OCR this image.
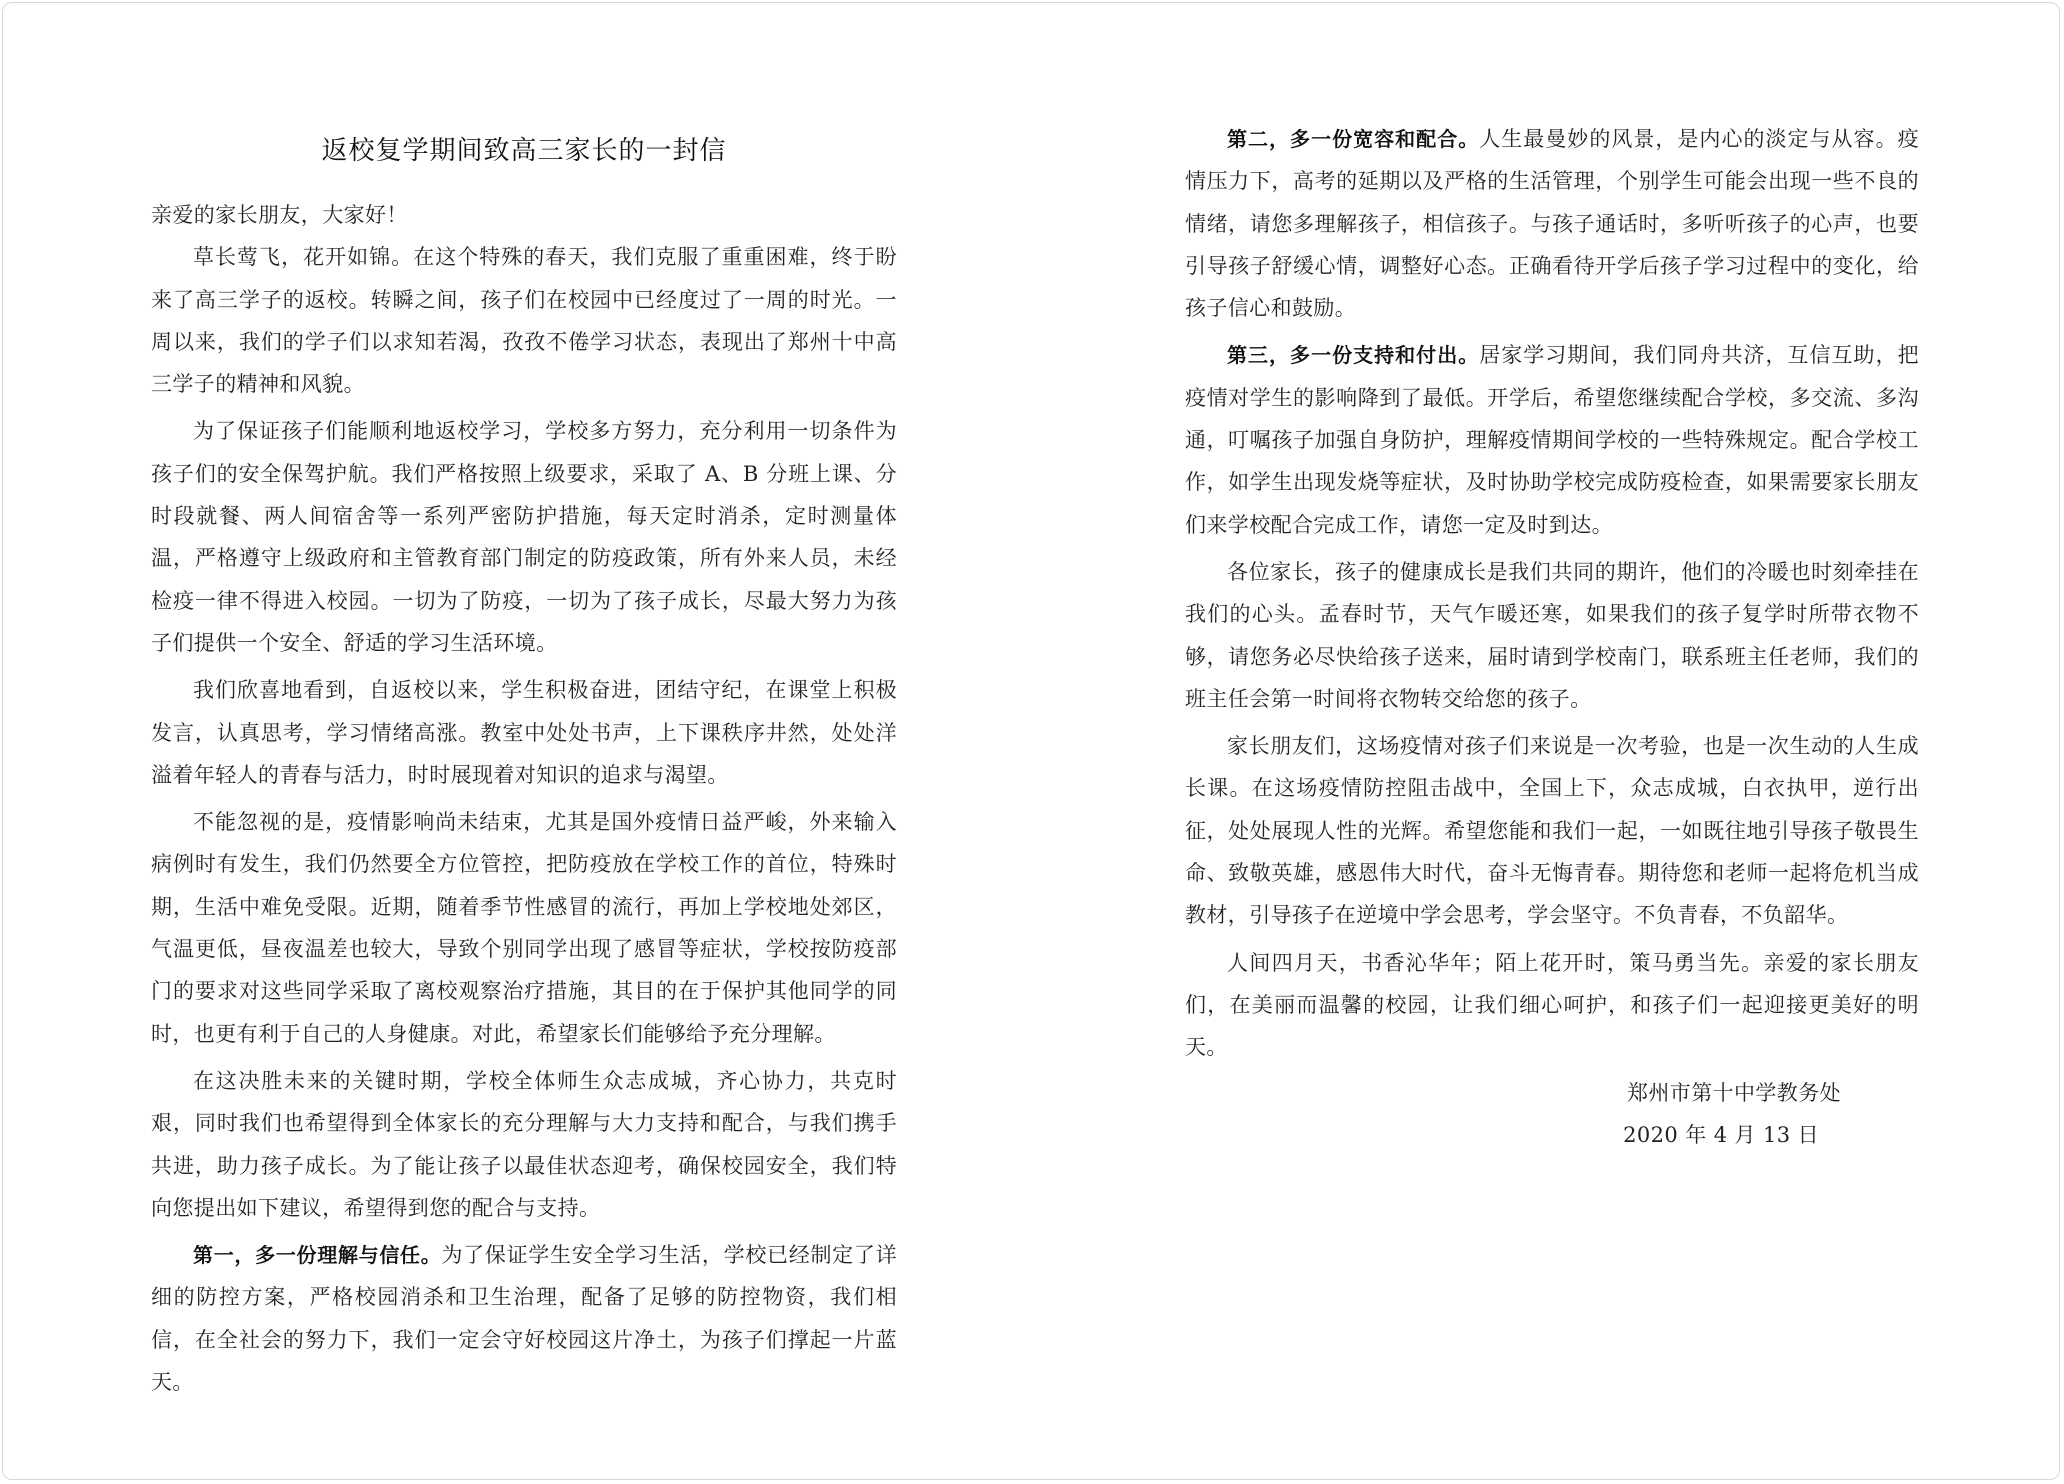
返校复学期间致高三家长的一封信

亲爱的家长朋友，大家好！

草长莺飞，花开如锦。在这个特殊的春天，我们克服了重重困难，终于盼来了高三学子的返校。转瞬之间，孩子们在校园中已经度过了一周的时光。一周以来，我们的学子们以求知若渴，孜孜不倦学习状态，表现出了郑州十中高三学子的精神和风貌。

为了保证孩子们能顺利地返校学习，学校多方努力，充分利用一切条件为孩子们的安全保驾护航。我们严格按照上级要求，采取了 A、B 分班上课、分时段就餐、两人间宿舍等一系列严密防护措施，每天定时消杀，定时测量体温，严格遵守上级政府和主管教育部门制定的防疫政策，所有外来人员，未经检疫一律不得进入校园。一切为了防疫，一切为了孩子成长，尽最大努力为孩子们提供一个安全、舒适的学习生活环境。

我们欣喜地看到，自返校以来，学生积极奋进，团结守纪，在课堂上积极发言，认真思考，学习情绪高涨。教室中处处书声，上下课秩序井然，处处洋溢着年轻人的青春与活力，时时展现着对知识的追求与渴望。

不能忽视的是，疫情影响尚未结束，尤其是国外疫情日益严峻，外来输入病例时有发生，我们仍然要全方位管控，把防疫放在学校工作的首位，特殊时期，生活中难免受限。近期，随着季节性感冒的流行，再加上学校地处郊区，气温更低，昼夜温差也较大，导致个别同学出现了感冒等症状，学校按防疫部门的要求对这些同学采取了离校观察治疗措施，其目的在于保护其他同学的同时，也更有利于自己的人身健康。对此，希望家长们能够给予充分理解。

在这决胜未来的关键时期，学校全体师生众志成城，齐心协力，共克时艰，同时我们也希望得到全体家长的充分理解与大力支持和配合，与我们携手共进，助力孩子成长。为了能让孩子以最佳状态迎考，确保校园安全，我们特向您提出如下建议，希望得到您的配合与支持。

第一，多一份理解与信任。为了保证学生安全学习生活，学校已经制定了详细的防控方案，严格校园消杀和卫生治理，配备了足够的防控物资，我们相信，在全社会的努力下，我们一定会守好校园这片净土，为孩子们撑起一片蓝天。

第二，多一份宽容和配合。人生最曼妙的风景，是内心的淡定与从容。疫情压力下，高考的延期以及严格的生活管理，个别学生可能会出现一些不良的情绪，请您多理解孩子，相信孩子。与孩子通话时，多听听孩子的心声，也要引导孩子舒缓心情，调整好心态。正确看待开学后孩子学习过程中的变化，给孩子信心和鼓励。

第三，多一份支持和付出。居家学习期间，我们同舟共济，互信互助，把疫情对学生的影响降到了最低。开学后，希望您继续配合学校，多交流、多沟通，叮嘱孩子加强自身防护，理解疫情期间学校的一些特殊规定。配合学校工作，如学生出现发烧等症状，及时协助学校完成防疫检查，如果需要家长朋友们来学校配合完成工作，请您一定及时到达。

各位家长，孩子的健康成长是我们共同的期许，他们的冷暖也时刻牵挂在我们的心头。孟春时节，天气乍暖还寒，如果我们的孩子复学时所带衣物不够，请您务必尽快给孩子送来，届时请到学校南门，联系班主任老师，我们的班主任会第一时间将衣物转交给您的孩子。

家长朋友们，这场疫情对孩子们来说是一次考验，也是一次生动的人生成长课。在这场疫情防控阻击战中，全国上下，众志成城，白衣执甲，逆行出征，处处展现人性的光辉。希望您能和我们一起，一如既往地引导孩子敬畏生命、致敬英雄，感恩伟大时代，奋斗无悔青春。期待您和老师一起将危机当成教材，引导孩子在逆境中学会思考，学会坚守。不负青春，不负韶华。

人间四月天，书香沁华年；陌上花开时，策马勇当先。亲爱的家长朋友们，在美丽而温馨的校园，让我们细心呵护，和孩子们一起迎接更美好的明天。

郑州市第十中学教务处

2020 年 4 月 13 日
